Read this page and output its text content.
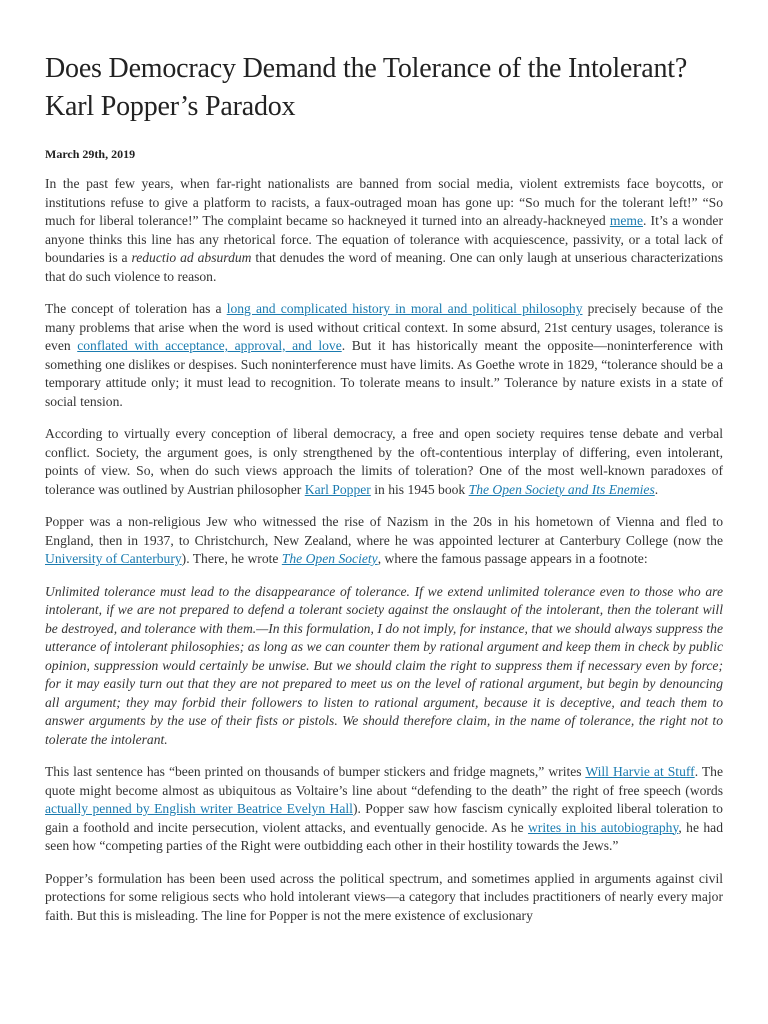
Does Democracy Demand the Tolerance of the Intolerant? Karl Popper’s Paradox
March 29th, 2019

In the past few years, when far-right nationalists are banned from social media, violent extremists face boycotts, or institutions refuse to give a platform to racists, a faux-outraged moan has gone up: “So much for the tolerant left!” “So much for liberal tolerance!” The complaint became so hackneyed it turned into an already-hackneyed meme. It’s a wonder anyone thinks this line has any rhetorical force. The equation of tolerance with acquiescence, passivity, or a total lack of boundaries is a reductio ad absurdum that denudes the word of meaning. One can only laugh at unserious characterizations that do such violence to reason.

The concept of toleration has a long and complicated history in moral and political philosophy precisely because of the many problems that arise when the word is used without critical context. In some absurd, 21st century usages, tolerance is even conflated with acceptance, approval, and love. But it has historically meant the opposite—noninterference with something one dislikes or despises. Such noninterference must have limits. As Goethe wrote in 1829, “tolerance should be a temporary attitude only; it must lead to recognition. To tolerate means to insult.” Tolerance by nature exists in a state of social tension.

According to virtually every conception of liberal democracy, a free and open society requires tense debate and verbal conflict. Society, the argument goes, is only strengthened by the oft-contentious interplay of differing, even intolerant, points of view. So, when do such views approach the limits of toleration? One of the most well-known paradoxes of tolerance was outlined by Austrian philosopher Karl Popper in his 1945 book The Open Society and Its Enemies.

Popper was a non-religious Jew who witnessed the rise of Nazism in the 20s in his hometown of Vienna and fled to England, then in 1937, to Christchurch, New Zealand, where he was appointed lecturer at Canterbury College (now the University of Canterbury). There, he wrote The Open Society, where the famous passage appears in a footnote:

Unlimited tolerance must lead to the disappearance of tolerance. If we extend unlimited tolerance even to those who are intolerant, if we are not prepared to defend a tolerant society against the onslaught of the intolerant, then the tolerant will be destroyed, and tolerance with them.—In this formulation, I do not imply, for instance, that we should always suppress the utterance of intolerant philosophies; as long as we can counter them by rational argument and keep them in check by public opinion, suppression would certainly be unwise. But we should claim the right to suppress them if necessary even by force; for it may easily turn out that they are not prepared to meet us on the level of rational argument, but begin by denouncing all argument; they may forbid their followers to listen to rational argument, because it is deceptive, and teach them to answer arguments by the use of their fists or pistols. We should therefore claim, in the name of tolerance, the right not to tolerate the intolerant.

This last sentence has “been printed on thousands of bumper stickers and fridge magnets,” writes Will Harvie at Stuff. The quote might become almost as ubiquitous as Voltaire’s line about “defending to the death” the right of free speech (words actually penned by English writer Beatrice Evelyn Hall). Popper saw how fascism cynically exploited liberal toleration to gain a foothold and incite persecution, violent attacks, and eventually genocide. As he writes in his autobiography, he had seen how “competing parties of the Right were outbidding each other in their hostility towards the Jews.”

Popper’s formulation has been been used across the political spectrum, and sometimes applied in arguments against civil protections for some religious sects who hold intolerant views—a category that includes practitioners of nearly every major faith. But this is misleading. The line for Popper is not the mere existence of exclusionary
